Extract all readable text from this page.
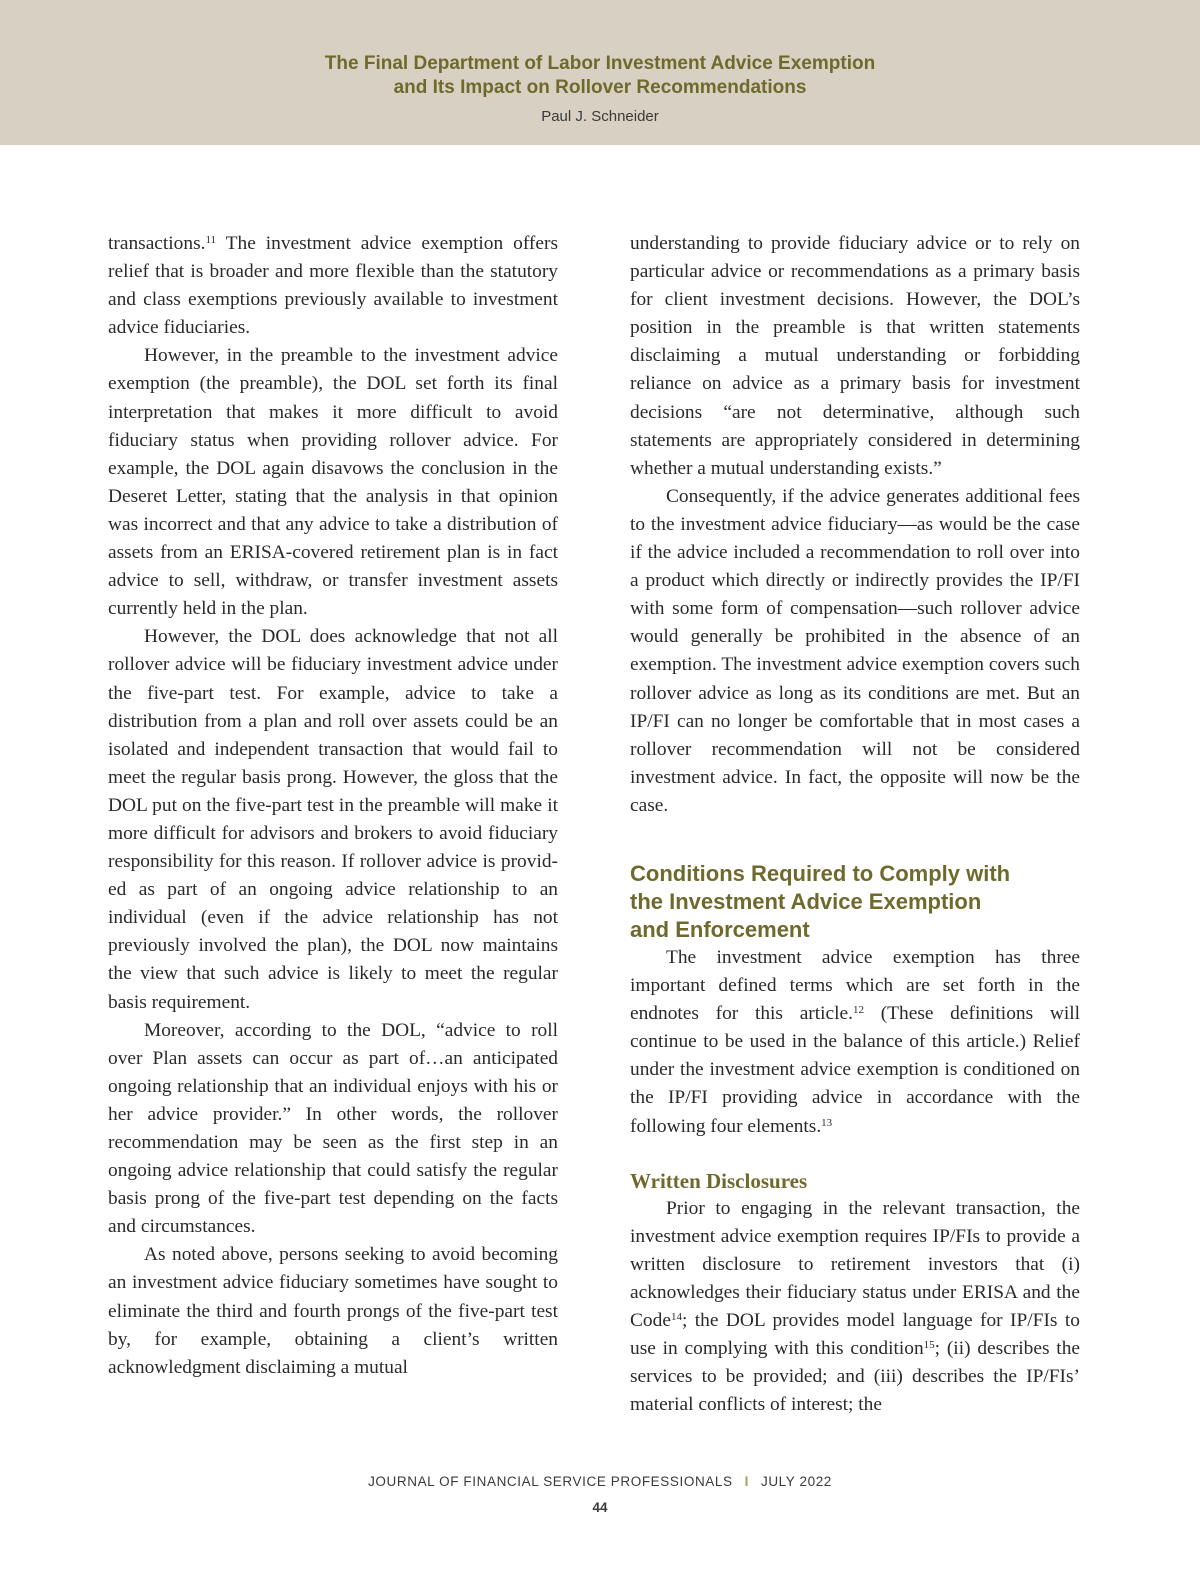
The Final Department of Labor Investment Advice Exemption
and Its Impact on Rollover Recommendations
Paul J. Schneider

transactions.$^{11}$ The investment advice exemption offers relief that is broader and more flexible than the statutory and class exemptions previously available to investment advice fiduciaries.

However, in the preamble to the investment advice exemption (the preamble), the DOL set forth its final interpretation that makes it more difficult to avoid fiduciary status when providing rollover advice. For example, the DOL again disavows the conclusion in the Deseret Letter, stating that the analysis in that opinion was incorrect and that any advice to take a distribution of assets from an ERISA-covered retirement plan is in fact advice to sell, withdraw, or transfer investment assets currently held in the plan.

However, the DOL does acknowledge that not all rollover advice will be fiduciary investment advice under the five-part test. For example, advice to take a distribution from a plan and roll over assets could be an isolated and independent transaction that would fail to meet the regular basis prong. However, the gloss that the DOL put on the five-part test in the preamble will make it more difficult for advisors and brokers to avoid fiduciary responsibility for this reason. If rollover advice is provided as part of an ongoing advice relationship to an individual (even if the advice relationship has not previously involved the plan), the DOL now maintains the view that such advice is likely to meet the regular basis requirement.

Moreover, according to the DOL, “advice to roll over Plan assets can occur as part of…an anticipated ongoing relationship that an individual enjoys with his or her advice provider.” In other words, the rollover recommendation may be seen as the first step in an ongoing advice relationship that could satisfy the regular basis prong of the five-part test depending on the facts and circumstances.

As noted above, persons seeking to avoid becoming an investment advice fiduciary sometimes have sought to eliminate the third and fourth prongs of the five-part test by, for example, obtaining a client’s written acknowledgment disclaiming a mutual

understanding to provide fiduciary advice or to rely on particular advice or recommendations as a primary basis for client investment decisions. However, the DOL’s position in the preamble is that written statements disclaiming a mutual understanding or forbidding reliance on advice as a primary basis for investment decisions “are not determinative, although such statements are appropriately considered in determining whether a mutual understanding exists.”

Consequently, if the advice generates additional fees to the investment advice fiduciary—as would be the case if the advice included a recommendation to roll over into a product which directly or indirectly provides the IP/FI with some form of compensation—such rollover advice would generally be prohibited in the absence of an exemption. The investment advice exemption covers such rollover advice as long as its conditions are met. But an IP/FI can no longer be comfortable that in most cases a rollover recommendation will not be considered investment advice. In fact, the opposite will now be the case.

Conditions Required to Comply with
the Investment Advice Exemption
and Enforcement

The investment advice exemption has three important defined terms which are set forth in the endnotes for this article.$^{12}$ (These definitions will continue to be used in the balance of this article.) Relief under the investment advice exemption is conditioned on the IP/FI providing advice in accordance with the following four elements.$^{13}$

Written Disclosures

Prior to engaging in the relevant transaction, the investment advice exemption requires IP/FIs to provide a written disclosure to retirement investors that (i) acknowledges their fiduciary status under ERISA and the Code$^{14}$; the DOL provides model language for IP/FIs to use in complying with this condition$^{15}$; (ii) describes the services to be provided; and (iii) describes the IP/FIs’ material conflicts of interest; the

JOURNAL OF FINANCIAL SERVICE PROFESSIONALS I JULY 2022
44
